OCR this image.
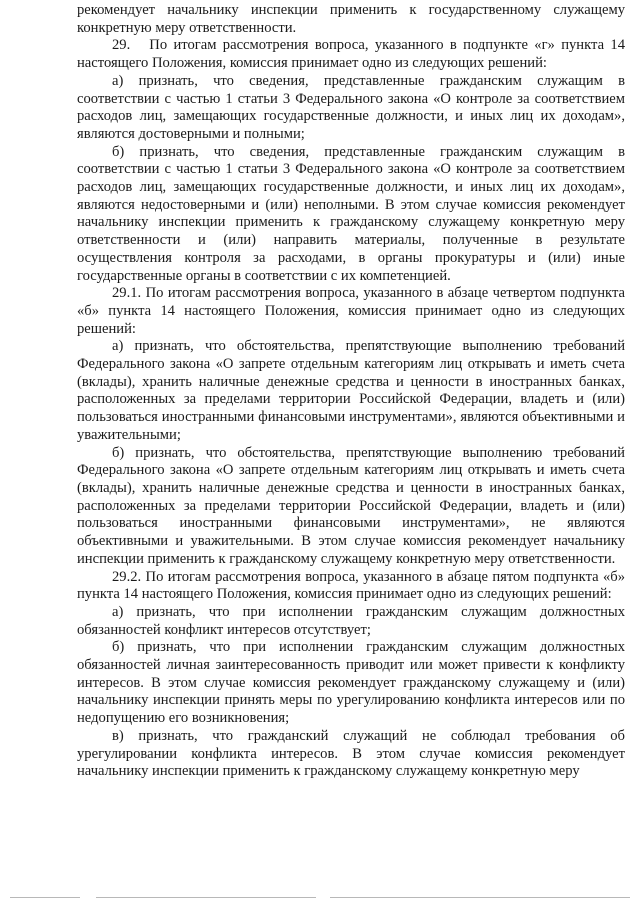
рекомендует начальнику инспекции применить к государственному служащему конкретную меру ответственности.

29.   По итогам рассмотрения вопроса, указанного в подпункте «г» пункта 14 настоящего Положения, комиссия принимает одно из следующих решений:

а) признать, что сведения, представленные гражданским служащим в соответствии с частью 1 статьи 3 Федерального закона «О контроле за соответствием расходов лиц, замещающих государственные должности, и иных лиц их доходам», являются достоверными и полными;

б) признать, что сведения, представленные гражданским служащим в соответствии с частью 1 статьи 3 Федерального закона «О контроле за соответствием расходов лиц, замещающих государственные должности, и иных лиц их доходам», являются недостоверными и (или) неполными. В этом случае комиссия рекомендует начальнику инспекции применить к гражданскому служащему конкретную меру ответственности и (или) направить материалы, полученные в результате осуществления контроля за расходами, в органы прокуратуры и (или) иные государственные органы в соответствии с их компетенцией.

29.1. По итогам рассмотрения вопроса, указанного в абзаце четвертом подпункта «б» пункта 14 настоящего Положения, комиссия принимает одно из следующих решений:

а) признать, что обстоятельства, препятствующие выполнению требований Федерального закона «О запрете отдельным категориям лиц открывать и иметь счета (вклады), хранить наличные денежные средства и ценности в иностранных банках, расположенных за пределами территории Российской Федерации, владеть и (или) пользоваться иностранными финансовыми инструментами», являются объективными и уважительными;

б) признать, что обстоятельства, препятствующие выполнению требований Федерального закона «О запрете отдельным категориям лиц открывать и иметь счета (вклады), хранить наличные денежные средства и ценности в иностранных банках, расположенных за пределами территории Российской Федерации, владеть и (или) пользоваться иностранными финансовыми инструментами», не являются объективными и уважительными. В этом случае комиссия рекомендует начальнику инспекции применить к гражданскому служащему конкретную меру ответственности.

29.2. По итогам рассмотрения вопроса, указанного в абзаце пятом подпункта «б» пункта 14 настоящего Положения, комиссия принимает одно из следующих решений:

а) признать, что при исполнении гражданским служащим должностных обязанностей конфликт интересов отсутствует;

б) признать, что при исполнении гражданским служащим должностных обязанностей личная заинтересованность приводит или может привести к конфликту интересов. В этом случае комиссия рекомендует гражданскому служащему и (или) начальнику инспекции принять меры по урегулированию конфликта интересов или по недопущению его возникновения;

в) признать, что гражданский служащий не соблюдал требования об урегулировании конфликта интересов. В этом случае комиссия рекомендует начальнику инспекции применить к гражданскому служащему конкретную меру
